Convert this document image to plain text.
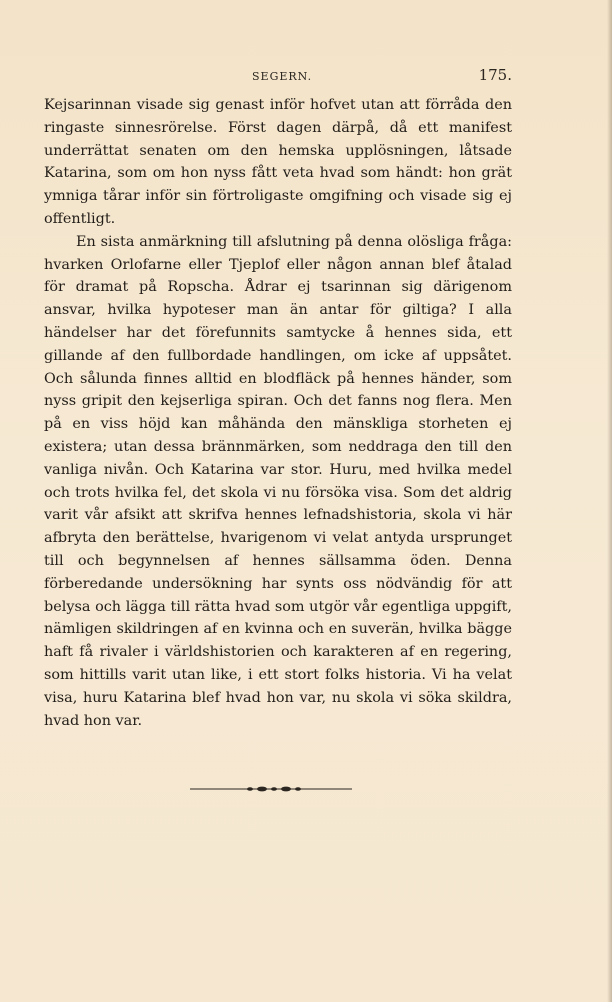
SEGERN.	175.

Kejsarinnan visade sig genast inför hofvet utan att förråda den ringaste sinnesrörelse. Först dagen därpå, då ett manifest underrättat senaten om den hemska upplösningen, låtsade Katarina, som om hon nyss fått veta hvad som händt: hon grät ymniga tårar inför sin förtroligaste omgifning och visade sig ej offentligt.

En sista anmärkning till afslutning på denna olösliga fråga: hvarken Orlofarne eller Tjeplof eller någon annan blef åtalad för dramat på Ropscha. Ådrar ej tsarinnan sig därigenom ansvar, hvilka hypoteser man än antar för giltiga? I alla händelser har det förefunnits samtycke å hennes sida, ett gillande af den fullbordade handlingen, om icke af uppsåtet. Och sålunda finnes alltid en blodfläck på hennes händer, som nyss gripit den kejserliga spiran. Och det fanns nog flera. Men på en viss höjd kan måhända den mänskliga storheten ej existera; utan dessa brännmärken, som neddraga den till den vanliga nivån. Och Katarina var stor. Huru, med hvilka medel och trots hvilka fel, det skola vi nu försöka visa. Som det aldrig varit vår afsikt att skrifva hennes lefnadshistoria, skola vi här afbryta den berättelse, hvarigenom vi velat antyda ursprunget till och begynnelsen af hennes sällsamma öden. Denna förberedande undersökning har synts oss nödvändig för att belysa och lägga till rätta hvad som utgör vår egentliga uppgift, nämligen skildringen af en kvinna och en suverän, hvilka bägge haft få rivaler i världshistorien och karakteren af en regering, som hittills varit utan like, i ett stort folks historia. Vi ha velat visa, huru Katarina blef hvad hon var, nu skola vi söka skildra, hvad hon var.
